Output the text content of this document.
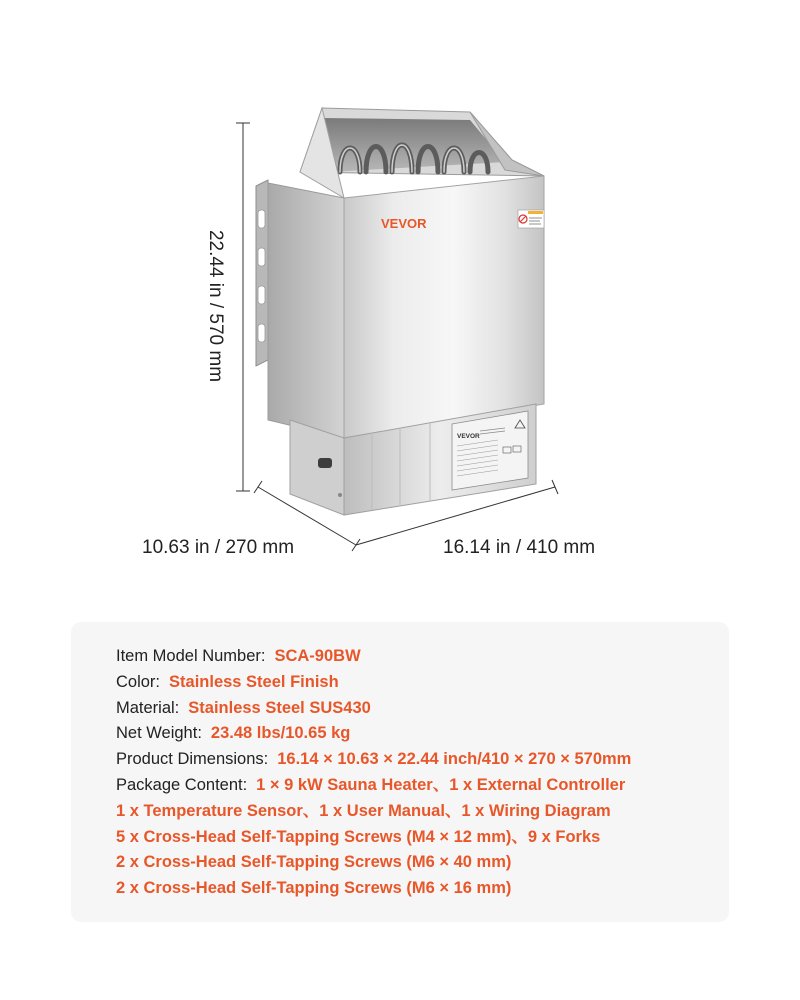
VEVOR
VEVOR
22.44 in / 570 mm
10.63 in / 270 mm	16.14 in / 410 mm
Item Model Number: SCA-90BW
Color: Stainless Steel Finish
Material: Stainless Steel SUS430
Net Weight: 23.48 lbs/10.65 kg
Product Dimensions: 16.14 × 10.63 × 22.44 inch/410 × 270 × 570mm
Package Content: 1 × 9 kW Sauna Heater、1 x External Controller
1 x Temperature Sensor、1 x User Manual、1 x Wiring Diagram
5 x Cross-Head Self-Tapping Screws (M4 × 12 mm)、9 x Forks
2 x Cross-Head Self-Tapping Screws (M6 × 40 mm)
2 x Cross-Head Self-Tapping Screws (M6 × 16 mm)
